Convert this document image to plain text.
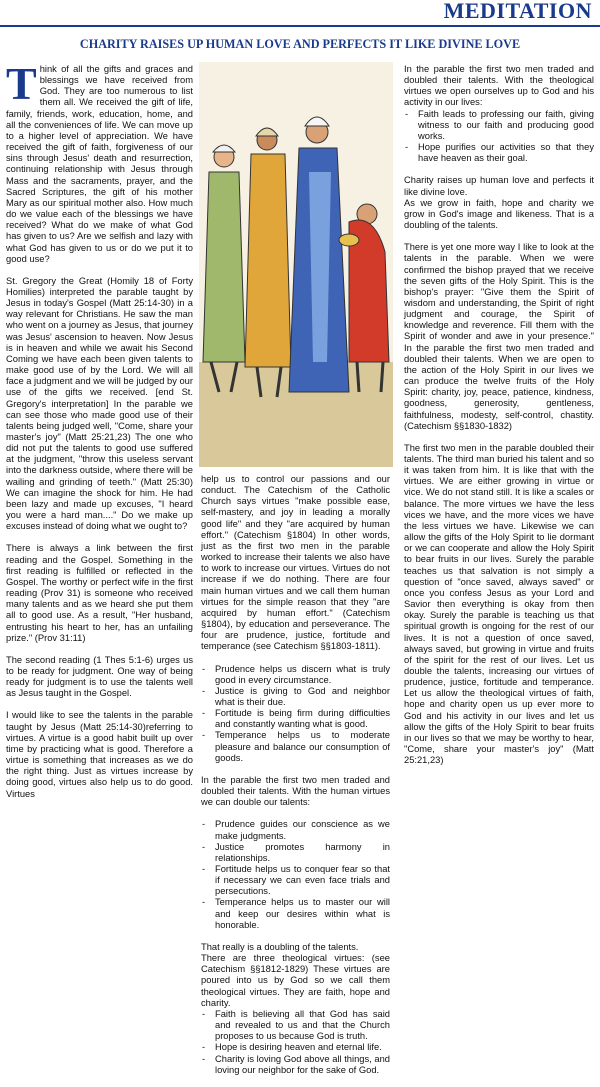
MEDITATION
CHARITY RAISES UP HUMAN LOVE AND PERFECTS IT LIKE DIVINE LOVE

Think of all the gifts and graces and blessings we have received from God. They are too numerous to list them all. We received the gift of life, family, friends, work, education, home, and all the conveniences of life. We can move up to a higher level of appreciation. We have received the gift of faith, forgiveness of our sins through Jesus' death and resurrection, continuing relationship with Jesus through Mass and the sacraments, prayer, and the Sacred Scriptures, the gift of his mother Mary as our spiritual mother also. How much do we value each of the blessings we have received? What do we make of what God has given to us? Are we selfish and lazy with what God has given to us or do we put it to good use?

St. Gregory the Great (Homily 18 of Forty Homilies) interpreted the parable taught by Jesus in today's Gospel (Matt 25:14-30) in a way relevant for Christians. He saw the man who went on a journey as Jesus, that journey was Jesus' ascension to heaven. Now Jesus is in heaven and while we await his Second Coming we have each been given talents to make good use of by the Lord. We will all face a judgment and we will be judged by our use of the gifts we received. [end St. Gregory's interpretation] In the parable we can see those who made good use of their talents being judged well, "Come, share your master's joy" (Matt 25:21,23) The one who did not put the talents to good use suffered at the judgment, "throw this useless servant into the darkness outside, where there will be wailing and grinding of teeth." (Matt 25:30) We can imagine the shock for him. He had been lazy and made up excuses, "I heard you were a hard man...." Do we make up excuses instead of doing what we ought to?

There is always a link between the first reading and the Gospel. Something in the first reading is fulfilled or reflected in the Gospel. The worthy or perfect wife in the first reading (Prov 31) is someone who received many talents and as we heard she put them all to good use. As a result, "Her husband, entrusting his heart to her, has an unfailing prize." (Prov 31:11)

The second reading (1 Thes 5:1-6) urges us to be ready for judgment. One way of being ready for judgment is to use the talents well as Jesus taught in the Gospel.

I would like to see the talents in the parable taught by Jesus (Matt 25:14-30)referring to virtues. A virtue is a good habit built up over time by practicing what is good. Therefore a virtue is something that increases as we do the right thing. Just as virtues increase by doing good, virtues also help us to do good. Virtues

help us to control our passions and our conduct. The Catechism of the Catholic Church says virtues "make possible ease, self-mastery, and joy in leading a morally good life" and they "are acquired by human effort." (Catechism §1804) In other words, just as the first two men in the parable worked to increase their talents we also have to work to increase our virtues. Virtues do not increase if we do nothing. There are four main human virtues and we call them human virtues for the simple reason that they "are acquired by human effort." (Catechism §1804), by education and perseverance. The four are prudence, justice, fortitude and temperance (see Catechism §§1803-1811).

- Prudence helps us discern what is truly good in every circumstance.
- Justice is giving to God and neighbor what is their due.
- Fortitude is being firm during difficulties and constantly wanting what is good.
- Temperance helps us to moderate pleasure and balance our consumption of goods.

In the parable the first two men traded and doubled their talents. With the human virtues we can double our talents:

- Prudence guides our conscience as we make judgments.
- Justice promotes harmony in relationships.
- Fortitude helps us to conquer fear so that if necessary we can even face trials and persecutions.
- Temperance helps us to master our will and keep our desires within what is honorable.

That really is a doubling of the talents.

There are three theological virtues: (see Catechism §§1812-1829) These virtues are poured into us by God so we call them theological virtues. They are faith, hope and charity.

- Faith is believing all that God has said and revealed to us and that the Church proposes to us because God is truth.
- Hope is desiring heaven and eternal life.
- Charity is loving God above all things, and loving our neighbor for the sake of God.

In the parable the first two men traded and doubled their talents. With the theological virtues we open ourselves up to God and his activity in our lives:

- Faith leads to professing our faith, giving witness to our faith and producing good works.
- Hope purifies our activities so that they have heaven as their goal.

Charity raises up human love and perfects it like divine love.

As we grow in faith, hope and charity we grow in God's image and likeness. That is a doubling of the talents.

There is yet one more way I like to look at the talents in the parable. When we were confirmed the bishop prayed that we receive the seven gifts of the Holy Spirit. This is the bishop's prayer: "Give them the Spirit of wisdom and understanding, the Spirit of right judgment and courage, the Spirit of knowledge and reverence. Fill them with the Spirit of wonder and awe in your presence." In the parable the first two men traded and doubled their talents. When we are open to the action of the Holy Spirit in our lives we can produce the twelve fruits of the Holy Spirit: charity, joy, peace, patience, kindness, goodness, generosity, gentleness, faithfulness, modesty, self-control, chastity. (Catechism §§1830-1832)

The first two men in the parable doubled their talents. The third man buried his talent and so it was taken from him. It is like that with the virtues. We are either growing in virtue or vice. We do not stand still. It is like a scales or balance. The more virtues we have the less vices we have, and the more vices we have the less virtues we have. Likewise we can allow the gifts of the Holy Spirit to lie dormant or we can cooperate and allow the Holy Spirit to bear fruits in our lives. Surely the parable teaches us that salvation is not simply a question of "once saved, always saved" or once you confess Jesus as your Lord and Savior then everything is okay from then okay. Surely the parable is teaching us that spiritual growth is ongoing for the rest of our lives. It is not a question of once saved, always saved, but growing in virtue and fruits of the spirit for the rest of our lives. Let us double the talents, increasing our virtues of prudence, justice, fortitude and temperance. Let us allow the theological virtues of faith, hope and charity open us up ever more to God and his activity in our lives and let us allow the gifts of the Holy Spirit to bear fruits in our lives so that we may be worthy to hear, "Come, share your master's joy" (Matt 25:21,23)
